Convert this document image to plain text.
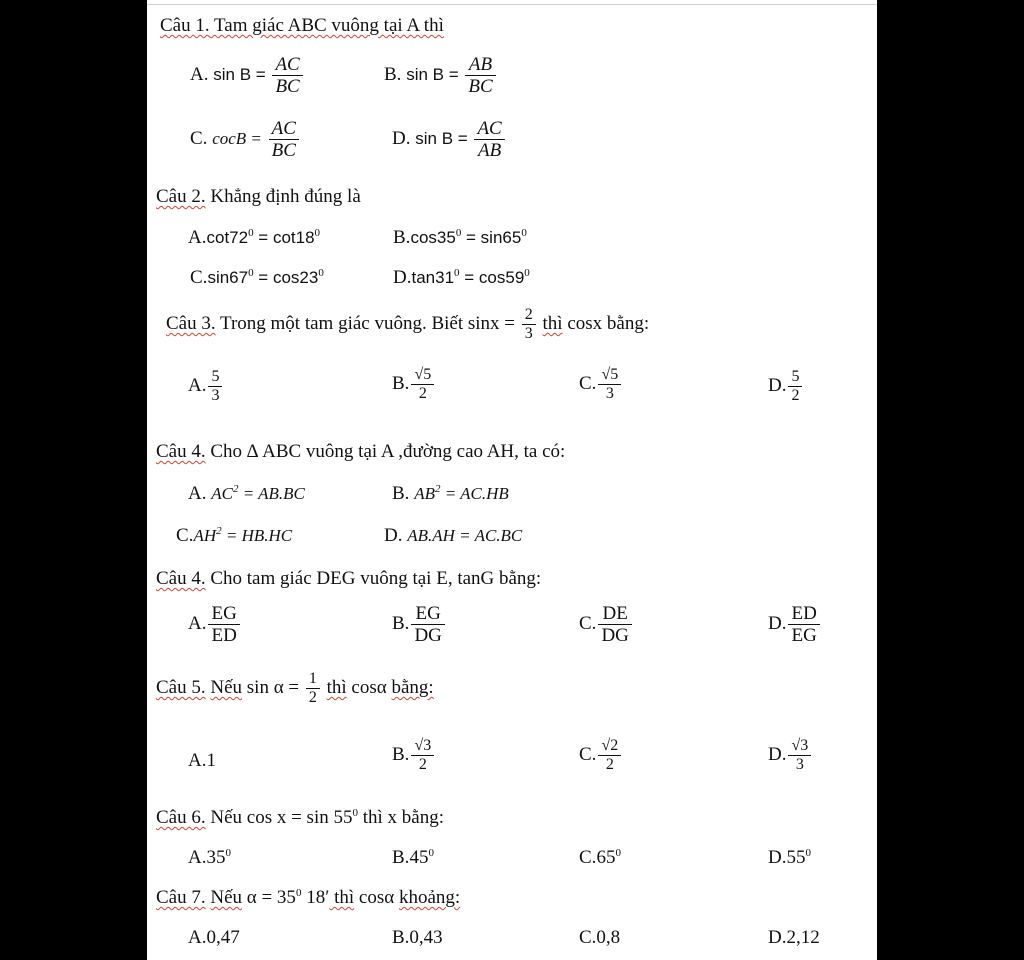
Câu 1. Tam giác ABC vuông tại A thì
A. $\sin B = \frac{AC}{BC}$	B. $\sin B = \frac{AB}{BC}$
C. cocB = $\frac{AC}{BC}$	D. $\sin B = \frac{AC}{AB}$
Câu 2. Khẳng định đúng là
$A.\cot 72^0 = \cot 18^0$	$B.\cos 35^0 = \sin 65^0$
$C.\sin 67^0 = \cos 23^0$	$D.\tan 31^0 = \cos 59^0$
Câu 3. Trong một tam giác vuông. Biết $\sin x = \frac{2}{3}$ thì cosx bằng:
A. $\frac{5}{3}$	B. $\frac{√5}{2}$	C. $\frac{√5}{3}$	D. $\frac{5}{2}$
Câu 4. Cho ∆ ABC vuông tại A ,đường cao AH, ta có:
A. $AC^2 = AB.BC$	B. $AB^2 = AC.HB$
$C.AH^2 = HB.HC$	D. AB.AH = AC.BC
Câu 4. Cho tam giác DEG vuông tại E, tanG bằng:
A. $\frac{EG}{ED}$	B. $\frac{EG}{DG}$	C. $\frac{DE}{DG}$	D. $\frac{ED}{EG}$
Câu 5. Nếu $\sin \alpha = \frac{1}{2}$ thì cosα bằng:
A.1	B. $\frac{√3}{2}$	C. $\frac{√2}{2}$	D. $\frac{√3}{3}$
Câu 6. Nếu $\cos x = \sin 55^0$ thì x bằng:
$A.35^0$	$B.45^0$	$C.65^0$	$D.55^0$
Câu 7. Nếu $\alpha = 35^0$ 18′ thì cosα khoảng:
A.0,47	B.0,43	C.0,8	D.2,12
